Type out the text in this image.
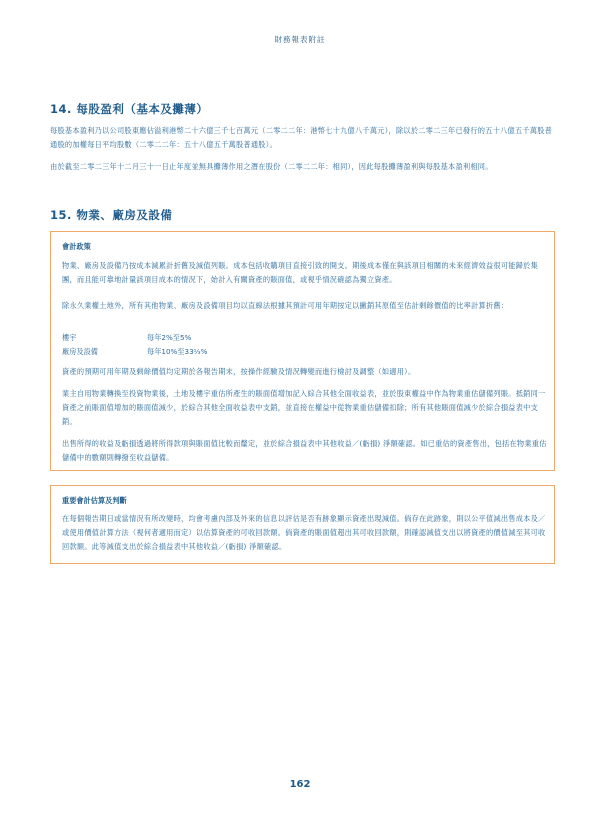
財務報表附註
14. 每股盈利（基本及攤薄）
每股基本盈利乃以公司股東應佔溢利港幣二十六億三千七百萬元（二零二二年：港幣七十九億八千萬元），除以於二零二三年已發行的五十八億五千萬股普通股的加權每日平均股數（二零二二年：五十八億五千萬股普通股）。
由於截至二零二三年十二月三十一日止年度並無具攤薄作用之潛在股份（二零二二年：相同），因此每股攤薄盈利與每股基本盈利相同。
15. 物業、廠房及設備
會計政策
物業、廠房及設備乃按成本減累計折舊及減值列賬。成本包括收購項目直接引致的開支。期後成本僅在與該項目相關的未來經濟效益很可能歸於集團，而且能可靠地計量該項目成本的情況下，始計入有關資產的賬面值，或視乎情況確認為獨立資產。
除永久業權土地外，所有其他物業、廠房及設備項目均以直線法根據其預計可用年期按定以撇銷其原值至估計剩餘價值的比率計算折舊：
樓宇	每年2%至5%
廠房及設備	每年10%至33⅓%
資產的預期可用年期及剩餘價值均定期於各報告期末，按操作經驗及情況轉變而進行檢討及調整（如適用）。
業主自用物業轉換至投資物業後，土地及樓宇重估所產生的賬面值增加記入綜合其他全面收益表，並於股東權益中作為物業重估儲備列賬。抵銷同一資產之前賬面值增加的賬面值減少，於綜合其他全面收益表中支銷，並直接在權益中從物業重估儲備扣除；所有其他賬面值減少於綜合損益表中支銷。
出售所得的收益及虧損透過將所得款項與賬面值比較而釐定，並於綜合損益表中其他收益／(虧損) 淨額確認。如已重估的資產售出，包括在物業重估儲備中的數額則轉撥至收益儲備。
重要會計估算及判斷
在每個報告期日或當情況有所改變時，均會考慮內部及外來的信息以評估是否有跡象顯示資產出現減值。倘存在此跡象，則以公平值減出售成本及／或使用價值計算方法（視何者適用而定）以估算資產的可收回款額。倘資產的賬面值超出其可收回款額，則確認減值支出以將資產的價值減至其可收回款額。此等減值支出於綜合損益表中其他收益／(虧損) 淨額確認。
162
